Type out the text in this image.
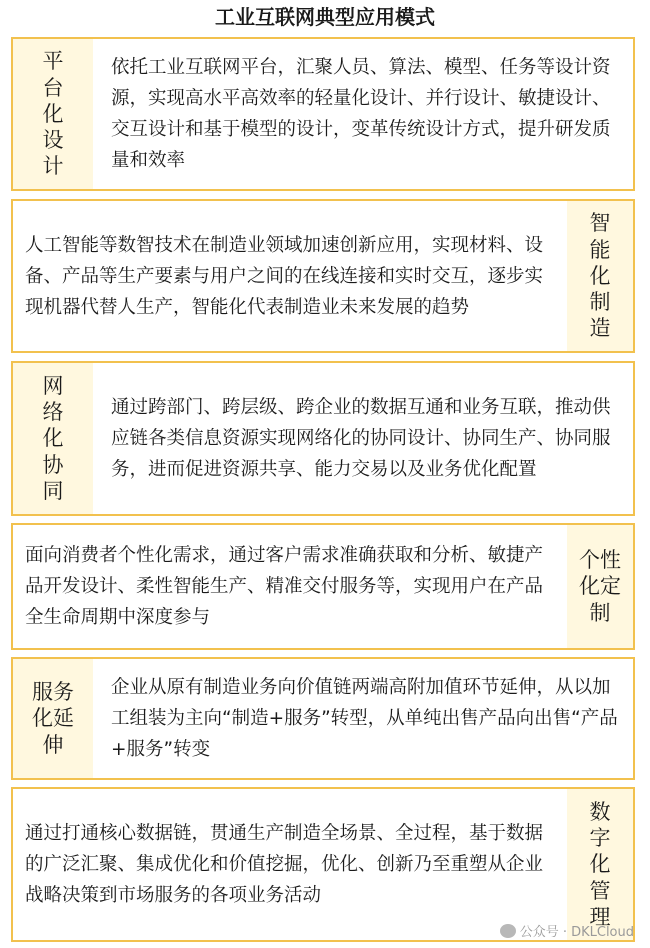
工业互联网典型应用模式
平
台
化
设
计
依托工业互联网平台，汇聚人员、算法、模型、任务等设计资源，实现高水平高效率的轻量化设计、并行设计、敏捷设计、交互设计和基于模型的设计，变革传统设计方式，提升研发质量和效率
人工智能等数智技术在制造业领域加速创新应用，实现材料、设备、产品等生产要素与用户之间的在线连接和实时交互，逐步实现机器代替人生产，智能化代表制造业未来发展的趋势
智
能
化
制
造
网
络
化
协
同
通过跨部门、跨层级、跨企业的数据互通和业务互联，推动供应链各类信息资源实现网络化的协同设计、协同生产、协同服务，进而促进资源共享、能力交易以及业务优化配置
面向消费者个性化需求，通过客户需求准确获取和分析、敏捷产品开发设计、柔性智能生产、精准交付服务等，实现用户在产品全生命周期中深度参与
个性
化定
制
服务
化延
伸
企业从原有制造业务向价值链两端高附加值环节延伸，从以加工组装为主向“制造+服务”转型，从单纯出售产品向出售“产品+服务”转变
通过打通核心数据链，贯通生产制造全场景、全过程，基于数据的广泛汇聚、集成优化和价值挖掘，优化、创新乃至重塑从企业战略决策到市场服务的各项业务活动
数
字
化
管
理
公众号 · DKLCloud
